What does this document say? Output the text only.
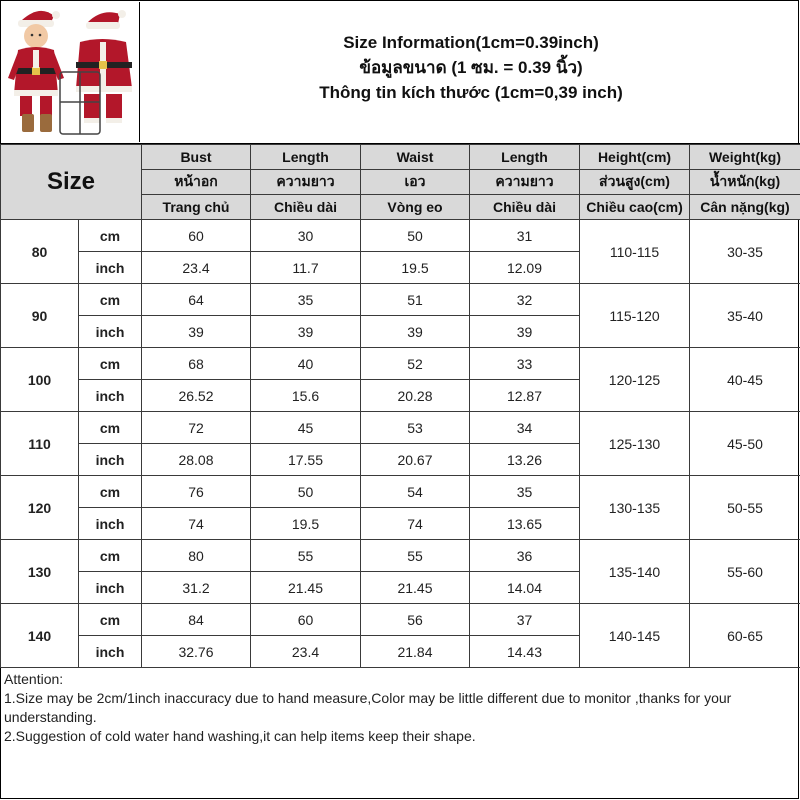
Size Information(1cm=0.39inch)
ข้อมูลขนาด (1 ซม. = 0.39 นิ้ว)
Thông tin kích thước (1cm=0,39 inch)
Size		Bust	Length	Waist	Length	Height(cm)	Weight(kg)
		หน้าอก	ความยาว	เอว	ความยาว	ส่วนสูง(cm)	น้ำหนัก(kg)
		Trang chủ	Chiều dài	Vòng eo	Chiều dài	Chiều cao(cm)	Cân nặng(kg)
80	cm	60	30	50	31	110-115	30-35
	inch	23.4	11.7	19.5	12.09		
90	cm	64	35	51	32	115-120	35-40
	inch	39	39	39	39		
100	cm	68	40	52	33	120-125	40-45
	inch	26.52	15.6	20.28	12.87		
110	cm	72	45	53	34	125-130	45-50
	inch	28.08	17.55	20.67	13.26		
120	cm	76	50	54	35	130-135	50-55
	inch	74	19.5	74	13.65		
130	cm	80	55	55	36	135-140	55-60
	inch	31.2	21.45	21.45	14.04		
140	cm	84	60	56	37	140-145	60-65
	inch	32.76	23.4	21.84	14.43		
Attention:
1.Size may be 2cm/1inch inaccuracy due to hand measure,Color may be little different due to monitor ,thanks for your understanding.
2.Suggestion of cold water hand washing,it can help items keep their shape.
